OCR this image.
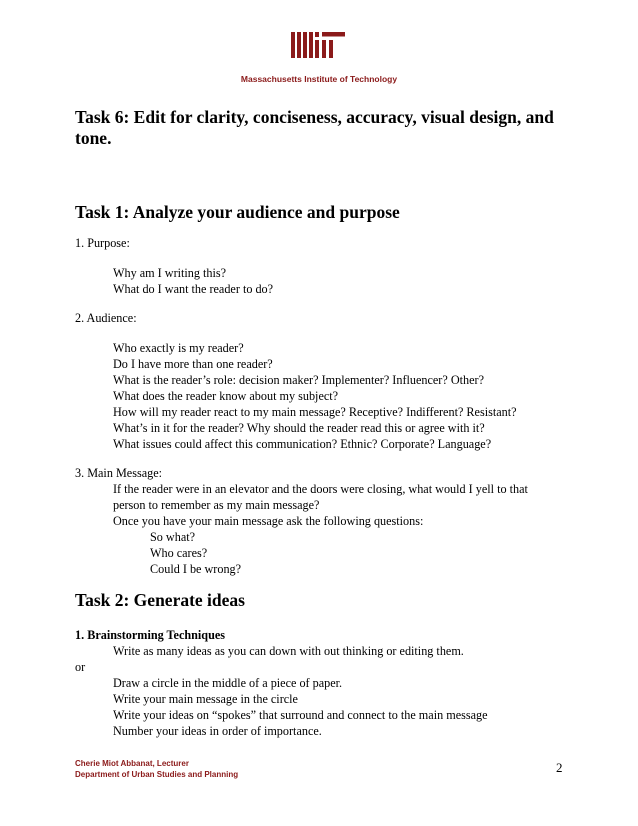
Massachusetts Institute of Technology
Task 6: Edit for clarity, conciseness, accuracy, visual design, and
tone.
Task 1: Analyze your audience and purpose
1. Purpose:
Why am I writing this?
What do I want the reader to do?
2. Audience:
Who exactly is my reader?
Do I have more than one reader?
What is the reader’s role: decision maker? Implementer? Influencer? Other?
What does the reader know about my subject?
How will my reader react to my main message? Receptive? Indifferent? Resistant?
What’s in it for the reader? Why should the reader read this or agree with it?
What issues could affect this communication? Ethnic? Corporate? Language?
3. Main Message:
If the reader were in an elevator and the doors were closing, what would I yell to that
person to remember as my main message?
Once you have your main message ask the following questions:
So what?
Who cares?
Could I be wrong?
Task 2: Generate ideas
1. Brainstorming Techniques
Write as many ideas as you can down with out thinking or editing them.
or
Draw a circle in the middle of a piece of paper.
Write your main message in the circle
Write your ideas on “spokes” that surround and connect to the main message
Number your ideas in order of importance.
Cherie Miot Abbanat, Lecturer
Department of Urban Studies and Planning	2
